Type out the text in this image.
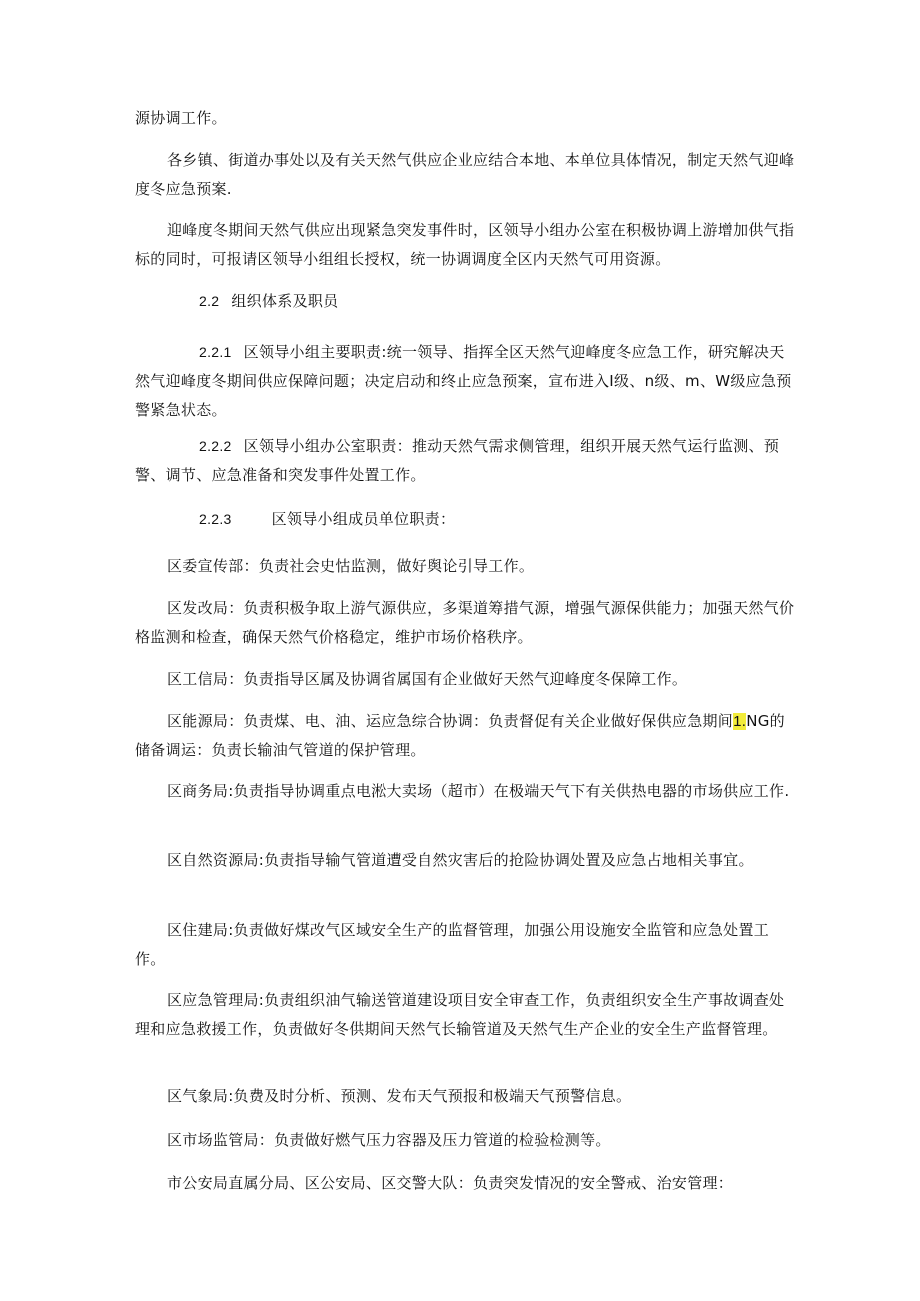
源协调工作。

各乡镇、街道办事处以及有关天然气供应企业应结合本地、本单位具体情况，制定天然气迎峰度冬应急预案.

迎峰度冬期间天然气供应出现紧急突发事件时，区领导小组办公室在积极协调上游增加供气指标的同时，可报请区领导小组组长授权，统一协调调度全区内天然气可用资源。

2.2 组织体系及职员

2.2.1 区领导小组主要职责:统一领导、指挥全区天然气迎峰度冬应急工作，研究解决天然气迎峰度冬期间供应保障问题；决定启动和终止应急预案，宣布进入I级、n级、m、W级应急预警紧急状态。

2.2.2 区领导小组办公室职责：推动天然气需求侧管理，组织开展天然气运行监测、预警、调节、应急准备和突发事件处置工作。

2.2.3	区领导小组成员单位职责：

区委宣传部：负责社会史怙监测，做好舆论引导工作。

区发改局：负责积极争取上游气源供应，多渠道筹措气源，增强气源保供能力；加强天然气价格监测和检查，确保天然气价格稳定，维护市场价格秩序。

区工信局：负责指导区属及协调省属国有企业做好天然气迎峰度冬保障工作。

区能源局：负责煤、电、油、运应急综合协调：负责督促有关企业做好保供应急期间1.NG的储备调运：负责长输油气管道的保护管理。

区商务局:负责指导协调重点电淞大卖场（超市）在极端天气下有关供热电器的市场供应工作.

区自然资源局:负责指导输气管道遭受自然灾害后的抢险协调处置及应急占地相关事宜。

区住建局:负责做好煤改气区域安全生产的监督管理，加强公用设施安全监管和应急处置工作。

区应急管理局:负责组织油气输送管道建设项目安全审查工作，负责组织安全生产事故调查处理和应急救援工作，负责做好冬供期间天然气长输管道及天然气生产企业的安全生产监督管理。

区气象局:负费及时分析、预测、发布天气预报和极端天气预警信息。

区市场监管局：负责做好燃气压力容器及压力管道的检验检测等。

市公安局直属分局、区公安局、区交警大队：负责突发情况的安全警戒、治安管理：
